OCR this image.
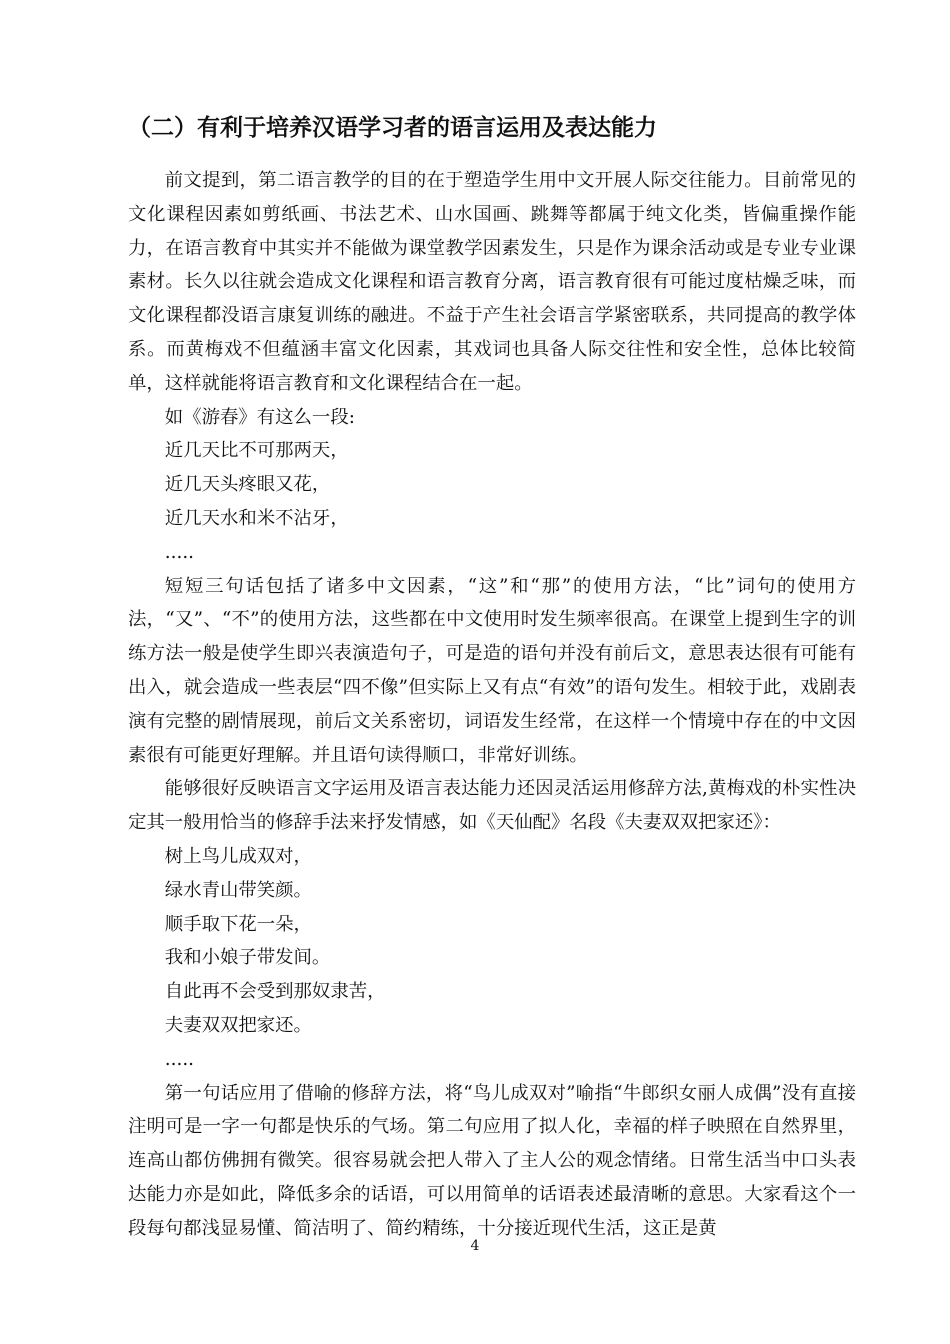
（二）有利于培养汉语学习者的语言运用及表达能力

前文提到，第二语言教学的目的在于塑造学生用中文开展人际交往能力。目前常见的文化课程因素如剪纸画、书法艺术、山水国画、跳舞等都属于纯文化类，皆偏重操作能力，在语言教育中其实并不能做为课堂教学因素发生，只是作为课余活动或是专业专业课素材。长久以往就会造成文化课程和语言教育分离，语言教育很有可能过度枯燥乏味，而文化课程都没语言康复训练的融进。不益于产生社会语言学紧密联系，共同提高的教学体系。而黄梅戏不但蕴涵丰富文化因素，其戏词也具备人际交往性和安全性，总体比较简单，这样就能将语言教育和文化课程结合在一起。

如《游春》有这么一段:

近几天比不可那两天，

近几天头疼眼又花，

近几天水和米不沾牙，

.....

短短三句话包括了诸多中文因素，“这”和“那”的使用方法，“比”词句的使用方法，“又”、“不”的使用方法，这些都在中文使用时发生频率很高。在课堂上提到生字的训练方法一般是使学生即兴表演造句子，可是造的语句并没有前后文，意思表达很有可能有出入，就会造成一些表层“四不像”但实际上又有点“有效”的语句发生。相较于此，戏剧表演有完整的剧情展现，前后文关系密切，词语发生经常，在这样一个情境中存在的中文因素很有可能更好理解。并且语句读得顺口，非常好训练。

能够很好反映语言文字运用及语言表达能力还因灵活运用修辞方法,黄梅戏的朴实性决定其一般用恰当的修辞手法来抒发情感，如《天仙配》名段《夫妻双双把家还》：

树上鸟儿成双对，

绿水青山带笑颜。

顺手取下花一朵，

我和小娘子带发间。

自此再不会受到那奴隶苦，

夫妻双双把家还。

.....

第一句话应用了借喻的修辞方法，将“鸟儿成双对”喻指“牛郎织女丽人成偶”没有直接注明可是一字一句都是快乐的气场。第二句应用了拟人化，幸福的样子映照在自然界里，连高山都仿佛拥有微笑。很容易就会把人带入了主人公的观念情绪。日常生活当中口头表达能力亦是如此，降低多余的话语，可以用简单的话语表述最清晰的意思。大家看这个一段每句都浅显易懂、简洁明了、简约精练，十分接近现代生活，这正是黄

4
